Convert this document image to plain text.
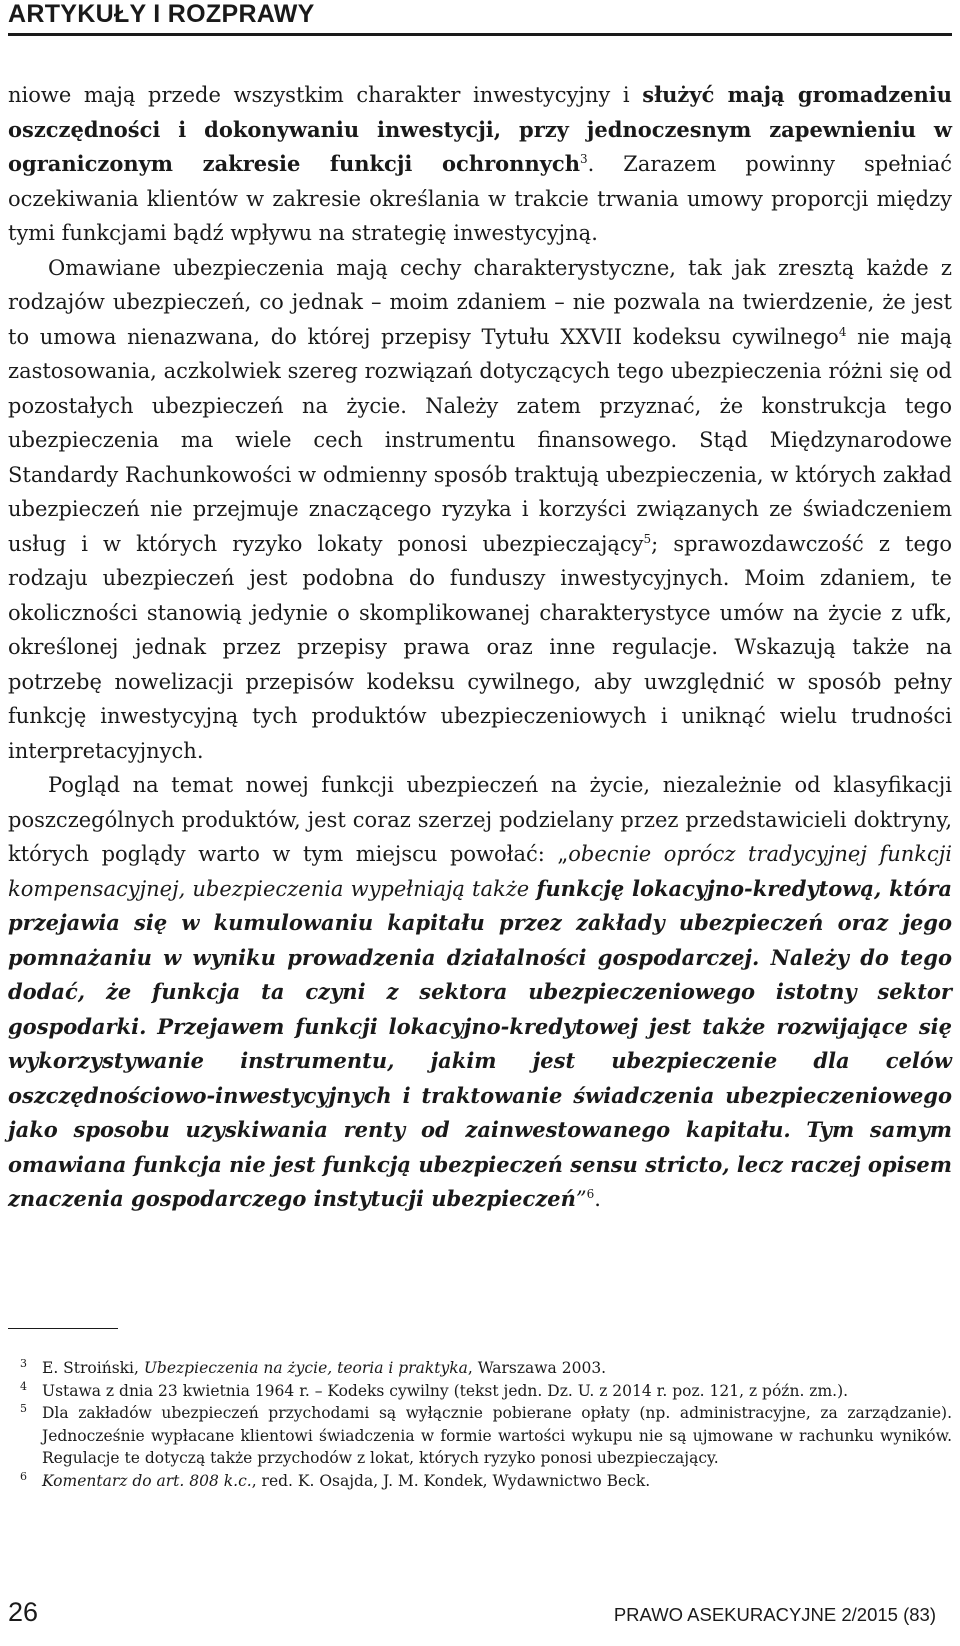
ARTYKUŁY I ROZPRAWY

niowe mają przede wszystkim charakter inwestycyjny i służyć mają gromadzeniu oszczędności i dokonywaniu inwestycji, przy jednoczesnym zapewnieniu w ograniczonym zakresie funkcji ochronnych$^3$. Zarazem powinny spełniać oczekiwania klientów w zakresie określania w trakcie trwania umowy proporcji między tymi funkcjami bądź wpływu na strategię inwestycyjną.

Omawiane ubezpieczenia mają cechy charakterystyczne, tak jak zresztą każde z rodzajów ubezpieczeń, co jednak – moim zdaniem – nie pozwala na twierdzenie, że jest to umowa nienazwana, do której przepisy Tytułu XXVII kodeksu cywilnego$^4$ nie mają zastosowania, aczkolwiek szereg rozwiązań dotyczących tego ubezpieczenia różni się od pozostałych ubezpieczeń na życie. Należy zatem przyznać, że konstrukcja tego ubezpieczenia ma wiele cech instrumentu finansowego. Stąd Międzynarodowe Standardy Rachunkowości w odmienny sposób traktują ubezpieczenia, w których zakład ubezpieczeń nie przejmuje znaczącego ryzyka i korzyści związanych ze świadczeniem usług i w których ryzyko lokaty ponosi ubezpieczający$^5$; sprawozdawczość z tego rodzaju ubezpieczeń jest podobna do funduszy inwestycyjnych. Moim zdaniem, te okoliczności stanowią jedynie o skomplikowanej charakterystyce umów na życie z ufk, określonej jednak przez przepisy prawa oraz inne regulacje. Wskazują także na potrzebę nowelizacji przepisów kodeksu cywilnego, aby uwzględnić w sposób pełny funkcję inwestycyjną tych produktów ubezpieczeniowych i uniknąć wielu trudności interpretacyjnych.

Pogląd na temat nowej funkcji ubezpieczeń na życie, niezależnie od klasyfikacji poszczególnych produktów, jest coraz szerzej podzielany przez przedstawicieli doktryny, których poglądy warto w tym miejscu powołać: „obecnie oprócz tradycyjnej funkcji kompensacyjnej, ubezpieczenia wypełniają także funkcję lokacyjno-kredytową, która przejawia się w kumulowaniu kapitału przez zakłady ubezpieczeń oraz jego pomnażaniu w wyniku prowadzenia działalności gospodarczej. Należy do tego dodać, że funkcja ta czyni z sektora ubezpieczeniowego istotny sektor gospodarki. Przejawem funkcji lokacyjno-kredytowej jest także rozwijające się wykorzystywanie instrumentu, jakim jest ubezpieczenie dla celów oszczędnościowo-inwestycyjnych i traktowanie świadczenia ubezpieczeniowego jako sposobu uzyskiwania renty od zainwestowanego kapitału. Tym samym omawiana funkcja nie jest funkcją ubezpieczeń sensu stricto, lecz raczej opisem znaczenia gospodarczego instytucji ubezpieczeń”$^6$.

3 E. Stroiński, Ubezpieczenia na życie, teoria i praktyka, Warszawa 2003.
4 Ustawa z dnia 23 kwietnia 1964 r. – Kodeks cywilny (tekst jedn. Dz. U. z 2014 r. poz. 121, z późn. zm.).
5 Dla zakładów ubezpieczeń przychodami są wyłącznie pobierane opłaty (np. administracyjne, za zarządzanie). Jednocześnie wypłacane klientowi świadczenia w formie wartości wykupu nie są ujmowane w rachunku wyników. Regulacje te dotyczą także przychodów z lokat, których ryzyko ponosi ubezpieczający.
6 Komentarz do art. 808 k.c., red. K. Osajda, J. M. Kondek, Wydawnictwo Beck.
26	PRAWO ASEKURACYJNE 2/2015 (83)
